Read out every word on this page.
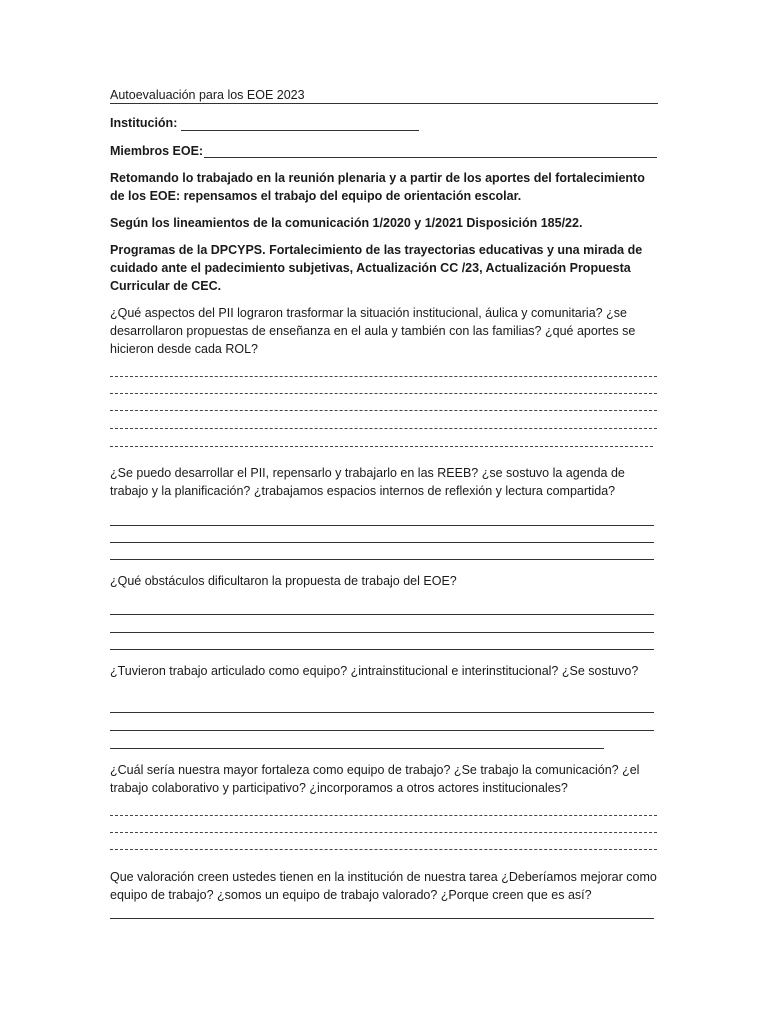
Autoevaluación para los EOE 2023
Institución:
Miembros EOE:

Retomando lo trabajado en la reunión plenaria y a partir de los aportes del fortalecimiento de los EOE: repensamos el trabajo del equipo de orientación escolar.

Según los lineamientos de la comunicación 1/2020 y 1/2021 Disposición 185/22.

Programas de la DPCYPS. Fortalecimiento de las trayectorias educativas y una mirada de cuidado ante el padecimiento subjetivas, Actualización CC /23, Actualización Propuesta Curricular de CEC.

¿Qué aspectos del PII lograron trasformar la situación institucional, áulica y comunitaria? ¿se desarrollaron propuestas de enseñanza en el aula y también con las familias? ¿qué aportes se hicieron desde cada ROL?

¿Se puedo desarrollar el PII, repensarlo y trabajarlo en las REEB? ¿se sostuvo la agenda de trabajo y la planificación? ¿trabajamos espacios internos de reflexión y lectura compartida?

¿Qué obstáculos dificultaron la propuesta de trabajo del EOE?

¿Tuvieron trabajo articulado como equipo? ¿intrainstitucional e interinstitucional? ¿Se sostuvo?

¿Cuál sería nuestra mayor fortaleza como equipo de trabajo? ¿Se trabajo la comunicación? ¿el trabajo colaborativo y participativo? ¿incorporamos a otros actores institucionales?

Que valoración creen ustedes tienen en la institución de nuestra tarea ¿Deberíamos mejorar como equipo de trabajo? ¿somos un equipo de trabajo valorado? ¿Porque creen que es así?
